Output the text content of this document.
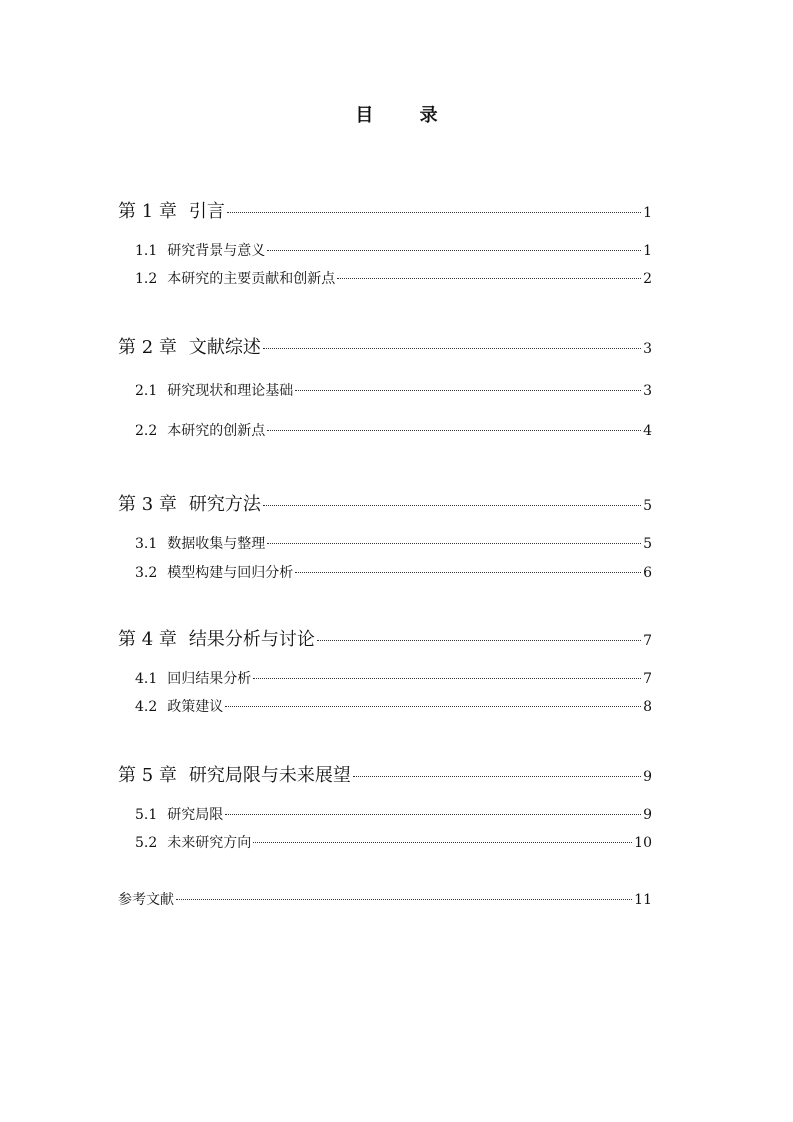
目 录
第 1 章 引言	1
1.1 研究背景与意义	1
1.2 本研究的主要贡献和创新点	2
第 2 章 文献综述	3
2.1 研究现状和理论基础	3
2.2 本研究的创新点	4
第 3 章 研究方法	5
3.1 数据收集与整理	5
3.2 模型构建与回归分析	6
第 4 章 结果分析与讨论	7
4.1 回归结果分析	7
4.2 政策建议	8
第 5 章 研究局限与未来展望	9
5.1 研究局限	9
5.2 未来研究方向	10
参考文献	11
